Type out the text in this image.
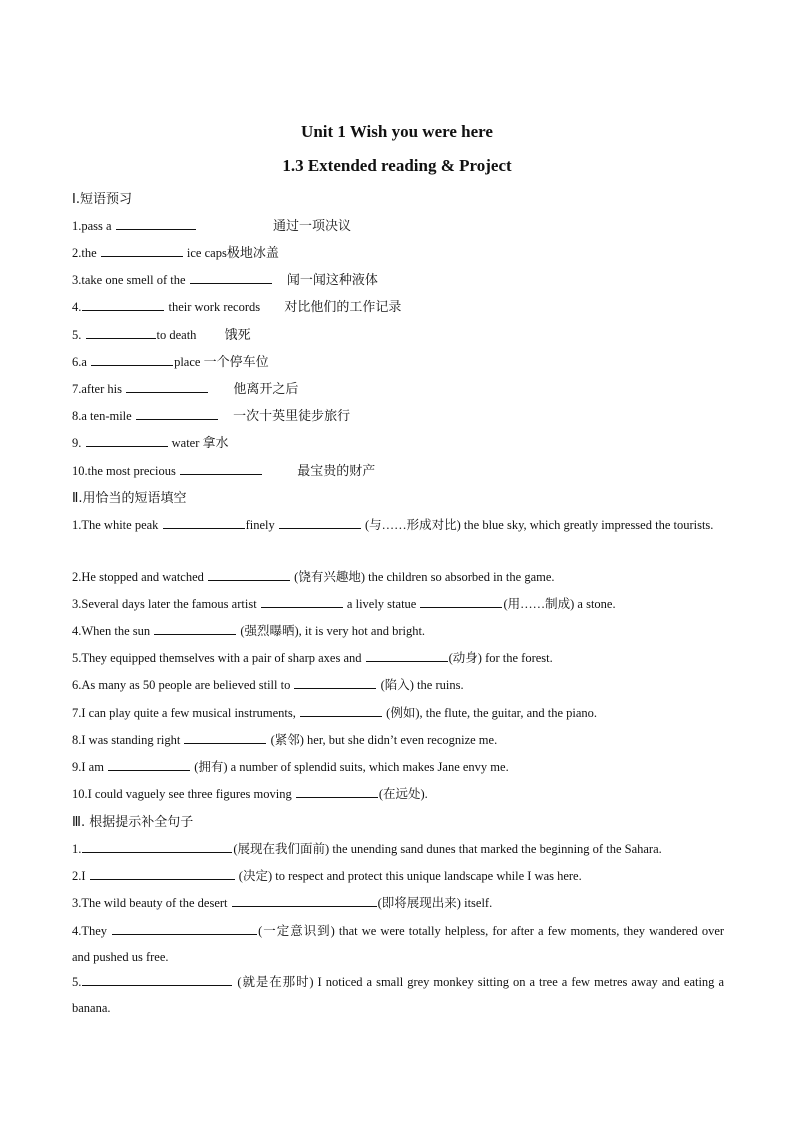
Unit 1 Wish you were here
1.3 Extended reading & Project
Ⅰ.短语预习
1.pass a	通过一项决议
2.the	ice caps极地冰盖
3.take one smell of the	闻一闻这种液体
4.	their work records 对比他们的工作记录
5.	to death 饿死
6.a	place 一个停车位
7.after his	他离开之后
8.a ten-mile	一次十英里徒步旅行
9.	water 拿水
10.the most precious	最宝贵的财产
Ⅱ.用恰当的短语填空
1.The white peak	finely	(与……形成对比) the blue sky, which greatly impressed the tourists.
2.He stopped and watched	(饶有兴趣地) the children so absorbed in the game.
3.Several days later the famous artist	a lively statue	(用……制成) a stone.
4.When the sun	(强烈曝晒), it is very hot and bright.
5.They equipped themselves with a pair of sharp axes and	(动身) for the forest.
6.As many as 50 people are believed still to	(陷入) the ruins.
7.I can play quite a few musical instruments,	(例如), the flute, the guitar, and the piano.
8.I was standing right	(紧邻) her, but she didn’t even recognize me.
9.I am	(拥有) a number of splendid suits, which makes Jane envy me.
10.I could vaguely see three figures moving	(在远处).
Ⅲ. 根据提示补全句子
1.	(展现在我们面前) the unending sand dunes that marked the beginning of the Sahara.
2.I	(决定) to respect and protect this unique landscape while I was here.
3.The wild beauty of the desert	(即将展现出来) itself.
4.They	(一定意识到) that we were totally helpless, for after a few moments, they wandered over and pushed us free.
5.	(就是在那时) I noticed a small grey monkey sitting on a tree a few metres away and eating a banana.
